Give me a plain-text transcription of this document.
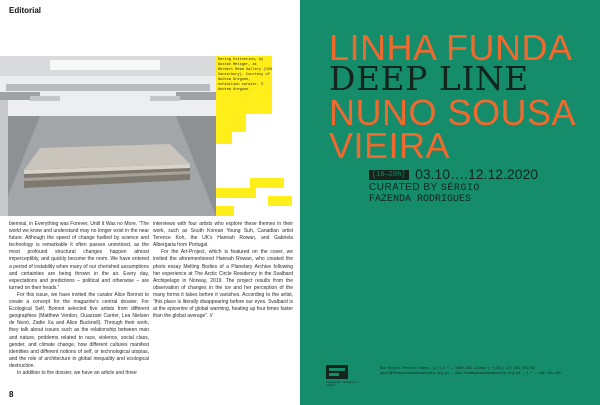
Editorial
Daring Extinction, by Gustav Metzger, at Herbert Read Gallery (UCA Canterbury). Courtesy of Andrea Gregson, exhibition curator. © Andrea Gregson.

biennial, in Everything was Forever, Until it Was no More. “The world we know and understand may no longer exist in the near future. Although the speed of change fuelled by science and technology is remarkable it often passes unnoticed, as the most profound structural changes happen almost imperceptibly, and quickly become the norm. We have entered a period of instability when many of our cherished assumptions and certainties are being thrown in the air. Every day, expectations and predictions – political and otherwise – are turned on their heads.”

For this issue, we have invited the curator Alice Bonnot to create a concept for the magazine’s central dossier. For Ecological Self, Bonnot selected five artists from different geographies (Matthew Verdon, Ouazzani Carrier, Lea Nielsen de Nonó, Zadie Xa and Alice Bucknell). Through their work, they talk about issues such as the relationship between man and nature, problems related to race, violence, social class, gender, and climate change, how different cultures manifest identities and different notions of self, or technological utopias, and the role of architecture in global inequality and ecological destruction.

In addition to the dossier, we have an article and three

interviews with four artists who explore these themes in their work, such as South Korean Young Suh, Canadian artist Terence Koh, the UK’s Hannah Rowan, and Gabriela Albergaria from Portugal.

For the Art-Project, which is featured on the cover, we invited the aforementioned Hannah Rowan, who created the photo essay Melting Bodies of a Planetary Archive following her experience at The Arctic Circle Residency in the Svalbard Archipelago in Norway, 2019. The project results from the observation of changes in the ice and her perception of the many forms it takes before it vanishes. According to the artist, “this place is literally disappearing before our eyes. Svalbard is at the epicentre of global warming, heating up four times faster than the global average”. //

8
LINHA FUNDA
DEEP LINE
NUNO SOUSA
VIEIRA
[16—20h] 03.10….12.12.2020
CURATED BY SÉRGIO
FAZENDA RODRIGUES
fundação carmona e costa
Rua Soeiro Pereira Gomes, Lt 1–6 º – 1600-196 Lisboa | +(351) 217 803 003/04
geral@fundacaocarmonaecosta.org.pt – www.fundacaocarmonaecosta.org.pt – 4.ª – sáb 15h–20h
